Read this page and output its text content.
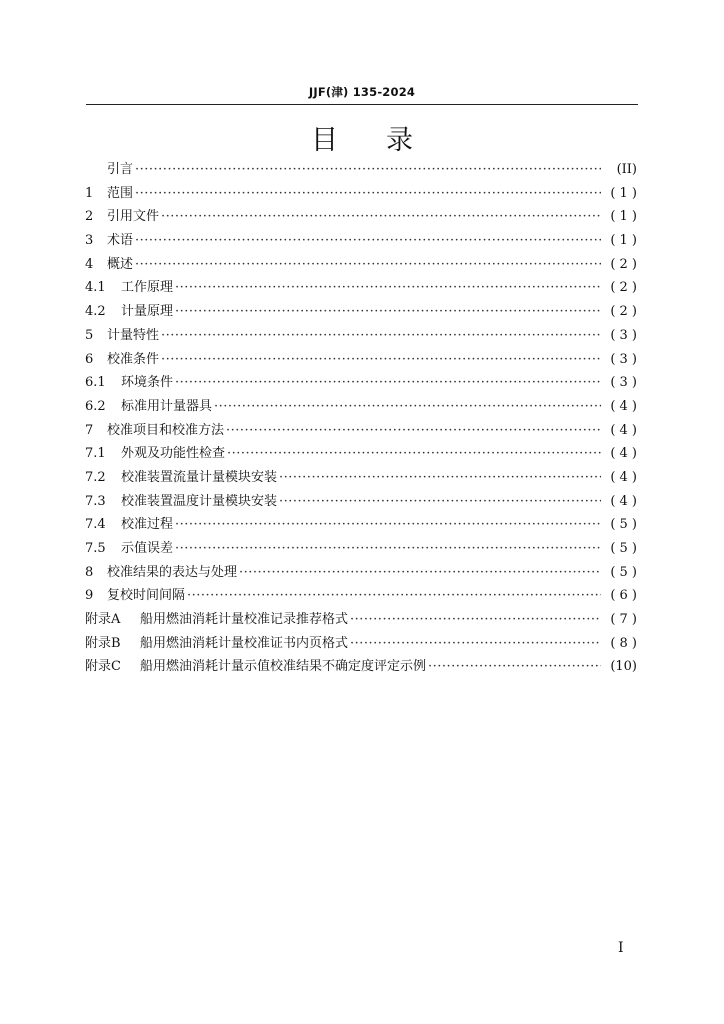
JJF(津) 135-2024
目 录
引言 ·····	(II)
1	范围 ·····	( 1 )
2	引用文件 ·····	( 1 )
3	术语 ·····	( 1 )
4	概述 ·····	( 2 )
4.1	工作原理 ·····	( 2 )
4.2	计量原理 ·····	( 2 )
5	计量特性 ·····	( 3 )
6	校准条件 ·····	( 3 )
6.1	环境条件 ·····	( 3 )
6.2	标准用计量器具 ·····	( 4 )
7	校准项目和校准方法 ·····	( 4 )
7.1	外观及功能性检查 ·····	( 4 )
7.2	校准装置流量计量模块安装 ·····	( 4 )
7.3	校准装置温度计量模块安装 ·····	( 4 )
7.4	校准过程 ·····	( 5 )
7.5	示值误差 ·····	( 5 )
8	校准结果的表达与处理 ·····	( 5 )
9	复校时间间隔 ·····	( 6 )
附录A	船用燃油消耗计量校准记录推荐格式 ·····	( 7 )
附录B	船用燃油消耗计量校准证书内页格式 ·····	( 8 )
附录C	船用燃油消耗计量示值校准结果不确定度评定示例 ·····	(10)
I
